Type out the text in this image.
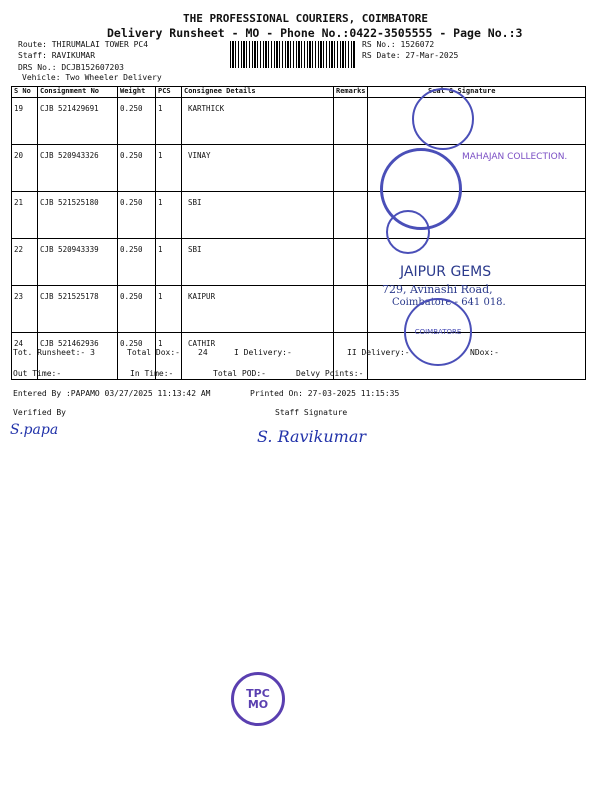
THE PROFESSIONAL COURIERS, COIMBATORE
Delivery Runsheet - MO - Phone No.:0422-3505555 - Page No.:3
Route: THIRUMALAI TOWER PC4
Staff: RAVIKUMAR
DRS No.: DCJB152607203
Vehicle: Two Wheeler Delivery
RS No.: 1526072
RS Date: 27-Mar-2025
S No	Consignment No	Weight	PCS	Consignee Details	Remarks	Seal & Signature
19	CJB 521429691	0.250	1	KARTHICK		
20	CJB 520943326	0.250	1	VINAY		
21	CJB 521525180	0.250	1	SBI		
22	CJB 520943339	0.250	1	SBI		
23	CJB 521525178	0.250	1	KAIPUR		
24	CJB 521462936	0.250	1	CATHIR		
MAHAJAN COLLECTION.
JAIPUR GEMS
729, Avinashi Road,
Coimbatore - 641 018.
COIMBATORE
Tot. Runsheet:- 3	Total Dox:- 24	I Delivery:-	II Delivery:-	NDox:-
Out Time:-	In Time:-	Total POD:-	Delvy Points:-
Entered By :PAPAMO 03/27/2025 11:13:42 AM	Printed On: 27-03-2025 11:15:35
Verified By	Staff Signature
S.papa	S. Ravikumar
TPC
MO
